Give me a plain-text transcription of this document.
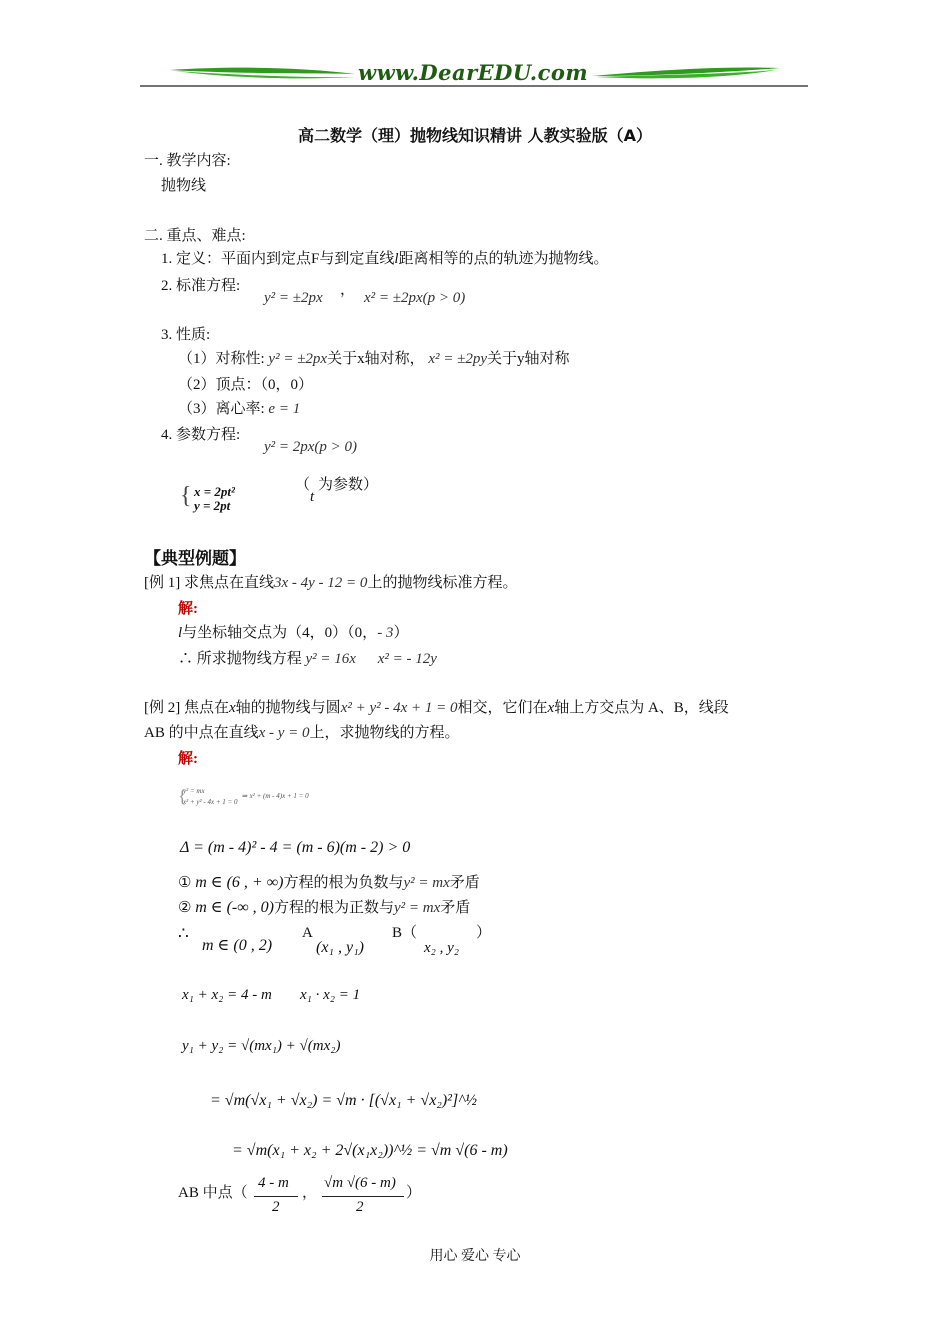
www.DearEDU.com
高二数学（理）抛物线知识精讲 人教实验版（A）
一. 教学内容:
抛物线
二. 重点、难点:
1. 定义：平面内到定点F与到定直线l距离相等的点的轨迹为抛物线。
2. 标准方程:
y² = ±2px ， x² = ±2px(p > 0)
3. 性质:
（1）对称性: y² = ±2px关于x轴对称， x² = ±2py关于y轴对称
（2）顶点：（0，0）
（3）离心率: e = 1
4. 参数方程:
y² = 2px(p > 0)
{ x = 2pt²
y = 2pt
（
t
为参数）
【典型例题】
[例 1] 求焦点在直线3x - 4y - 12 = 0上的抛物线标准方程。
解:
l与坐标轴交点为（4，0）（0，- 3）
∴ 所求抛物线方程 y² = 16x x² = - 12y
[例 2] 焦点在x轴的抛物线与圆x² + y² - 4x + 1 = 0相交，它们在x轴上方交点为 A、B，线段
AB 的中点在直线x - y = 0上，求抛物线的方程。
解:
{
y² = mx
x² + y² - 4x + 1 = 0
⇒ x² + (m - 4)x + 1 = 0
Δ = (m - 4)² - 4 = (m - 6)(m - 2) > 0
① m ∈ (6 , + ∞)方程的根为负数与y² = mx矛盾
② m ∈ (-∞ , 0)方程的根为正数与y² = mx矛盾
∴
m ∈ (0 , 2)
A
(x₁ , y₁)
B（
x₂ , y₂
）
x₁ + x₂ = 4 - m x₁ · x₂ = 1
y₁ + y₂ = √(mx₁) + √(mx₂)
= √m(√x₁ + √x₂) = √m · [(√x₁ + √x₂)²]^½
= √m(x₁ + x₂ + 2√(x₁x₂))^½ = √m √(6 - m)
AB 中点（
4 - m
2
，
√m √(6 - m)
2
）
用心 爱心 专心
